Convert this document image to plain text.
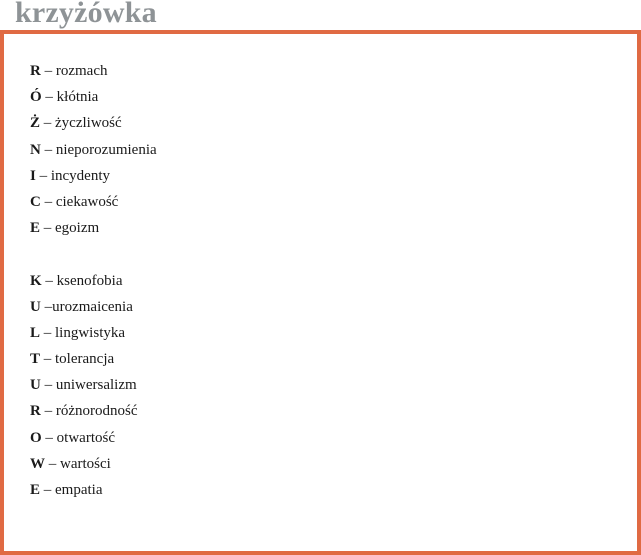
krzyżówka
R – rozmach
Ó – kłótnia
Ż – życzliwość
N – nieporozumienia
I – incydenty
C – ciekawość
E – egoizm
K – ksenofobia
U –urozmaicenia
L – lingwistyka
T – tolerancja
U – uniwersalizm
R – różnorodność
O – otwartość
W – wartości
E – empatia
